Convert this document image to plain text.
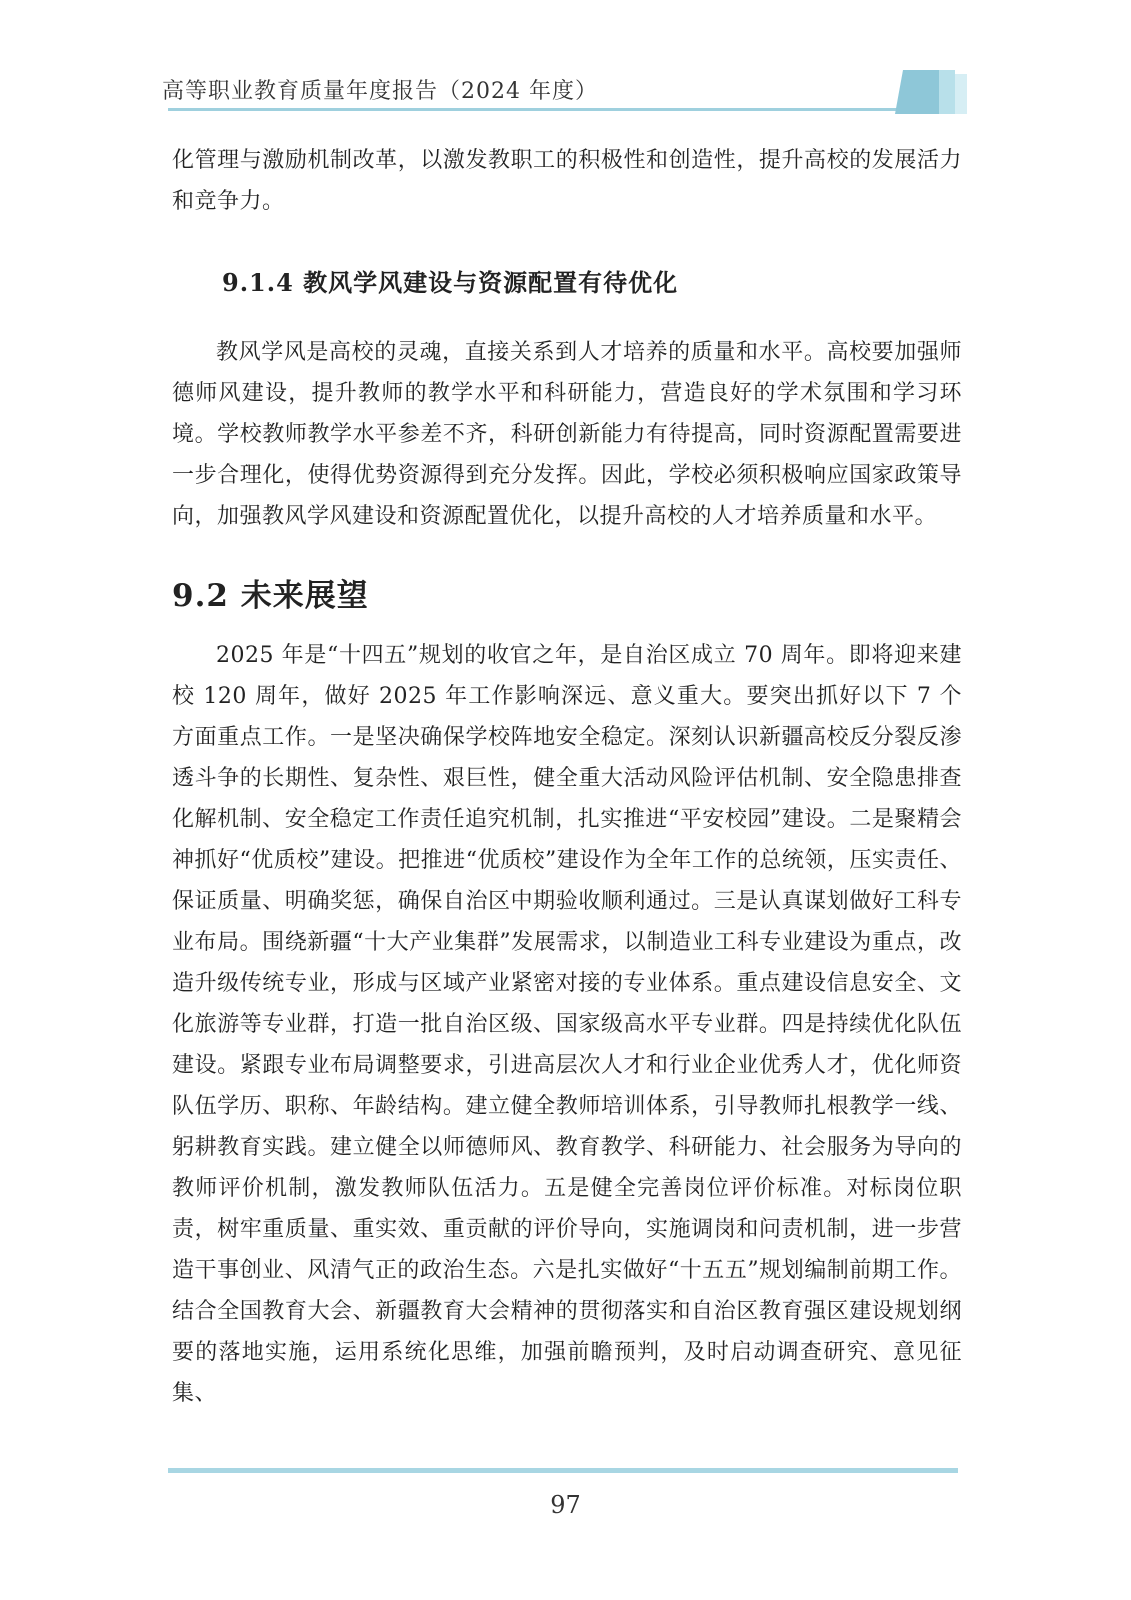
高等职业教育质量年度报告（2024 年度）
化管理与激励机制改革，以激发教职工的积极性和创造性，提升高校的发展活力和竞争力。
9.1.4 教风学风建设与资源配置有待优化
教风学风是高校的灵魂，直接关系到人才培养的质量和水平。高校要加强师德师风建设，提升教师的教学水平和科研能力，营造良好的学术氛围和学习环境。学校教师教学水平参差不齐，科研创新能力有待提高，同时资源配置需要进一步合理化，使得优势资源得到充分发挥。因此，学校必须积极响应国家政策导向，加强教风学风建设和资源配置优化，以提升高校的人才培养质量和水平。
9.2 未来展望
2025 年是“十四五”规划的收官之年，是自治区成立 70 周年。即将迎来建校 120 周年，做好 2025 年工作影响深远、意义重大。要突出抓好以下 7 个方面重点工作。一是坚决确保学校阵地安全稳定。深刻认识新疆高校反分裂反渗透斗争的长期性、复杂性、艰巨性，健全重大活动风险评估机制、安全隐患排查化解机制、安全稳定工作责任追究机制，扎实推进“平安校园”建设。二是聚精会神抓好“优质校”建设。把推进“优质校”建设作为全年工作的总统领，压实责任、保证质量、明确奖惩，确保自治区中期验收顺利通过。三是认真谋划做好工科专业布局。围绕新疆“十大产业集群”发展需求，以制造业工科专业建设为重点，改造升级传统专业，形成与区域产业紧密对接的专业体系。重点建设信息安全、文化旅游等专业群，打造一批自治区级、国家级高水平专业群。四是持续优化队伍建设。紧跟专业布局调整要求，引进高层次人才和行业企业优秀人才，优化师资队伍学历、职称、年龄结构。建立健全教师培训体系，引导教师扎根教学一线、躬耕教育实践。建立健全以师德师风、教育教学、科研能力、社会服务为导向的教师评价机制，激发教师队伍活力。五是健全完善岗位评价标准。对标岗位职责，树牢重质量、重实效、重贡献的评价导向，实施调岗和问责机制，进一步营造干事创业、风清气正的政治生态。六是扎实做好“十五五”规划编制前期工作。结合全国教育大会、新疆教育大会精神的贯彻落实和自治区教育强区建设规划纲要的落地实施，运用系统化思维，加强前瞻预判，及时启动调查研究、意见征集、
97
